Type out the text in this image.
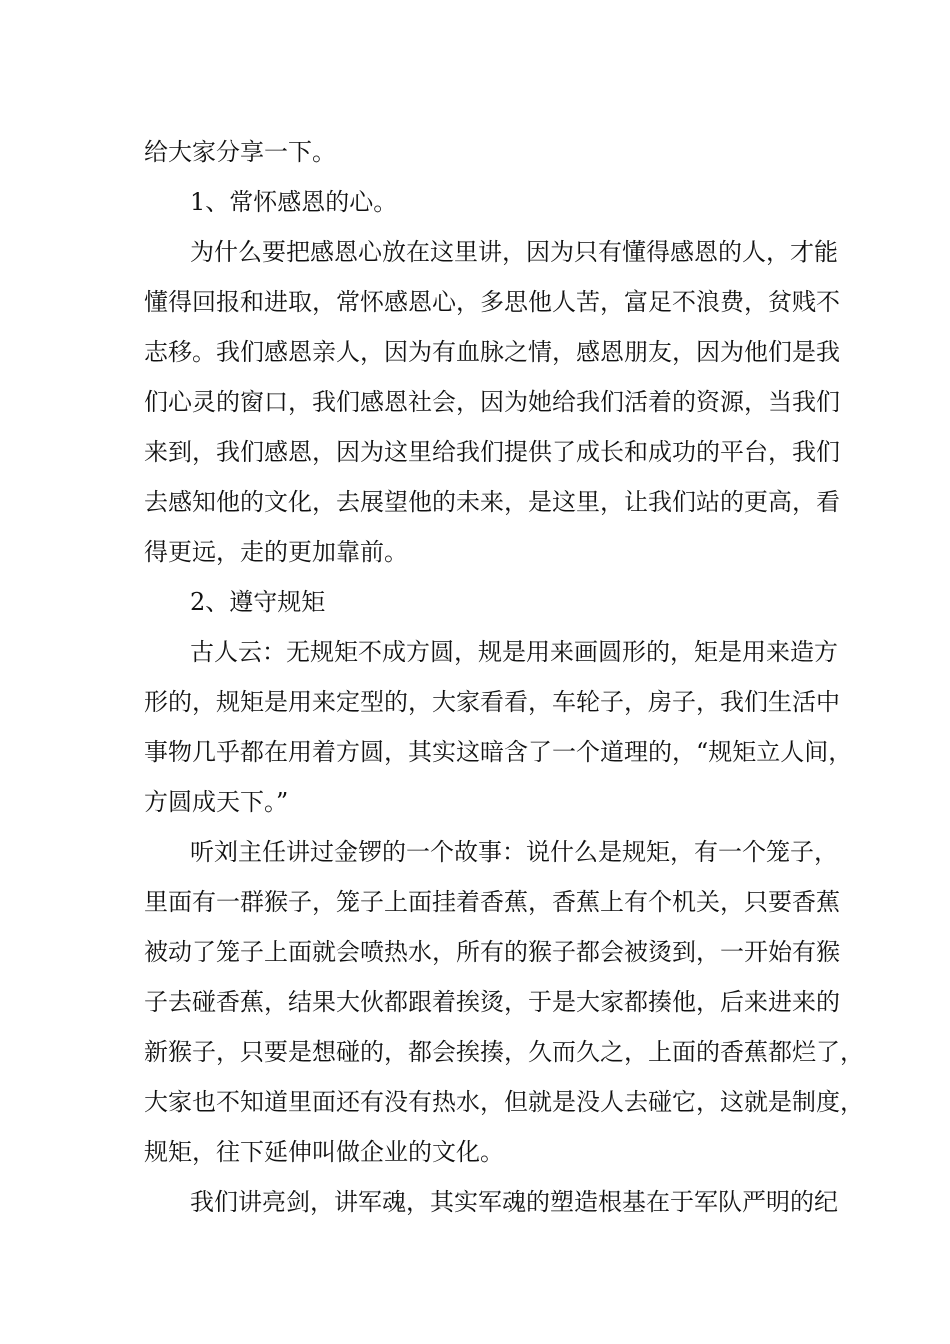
给大家分享一下。
1、常怀感恩的心。
为什么要把感恩心放在这里讲，因为只有懂得感恩的人，才能
懂得回报和进取，常怀感恩心，多思他人苦，富足不浪费，贫贱不
志移。我们感恩亲人，因为有血脉之情，感恩朋友，因为他们是我
们心灵的窗口，我们感恩社会，因为她给我们活着的资源，当我们
来到，我们感恩，因为这里给我们提供了成长和成功的平台，我们
去感知他的文化，去展望他的未来，是这里，让我们站的更高，看
得更远，走的更加靠前。
2、遵守规矩
古人云：无规矩不成方圆，规是用来画圆形的，矩是用来造方
形的，规矩是用来定型的，大家看看，车轮子，房子，我们生活中
事物几乎都在用着方圆，其实这暗含了一个道理的，“规矩立人间，
方圆成天下。”
听刘主任讲过金锣的一个故事：说什么是规矩，有一个笼子，
里面有一群猴子，笼子上面挂着香蕉，香蕉上有个机关，只要香蕉
被动了笼子上面就会喷热水，所有的猴子都会被烫到，一开始有猴
子去碰香蕉，结果大伙都跟着挨烫，于是大家都揍他，后来进来的
新猴子，只要是想碰的，都会挨揍，久而久之，上面的香蕉都烂了，
大家也不知道里面还有没有热水，但就是没人去碰它，这就是制度，
规矩，往下延伸叫做企业的文化。
我们讲亮剑，讲军魂，其实军魂的塑造根基在于军队严明的纪
